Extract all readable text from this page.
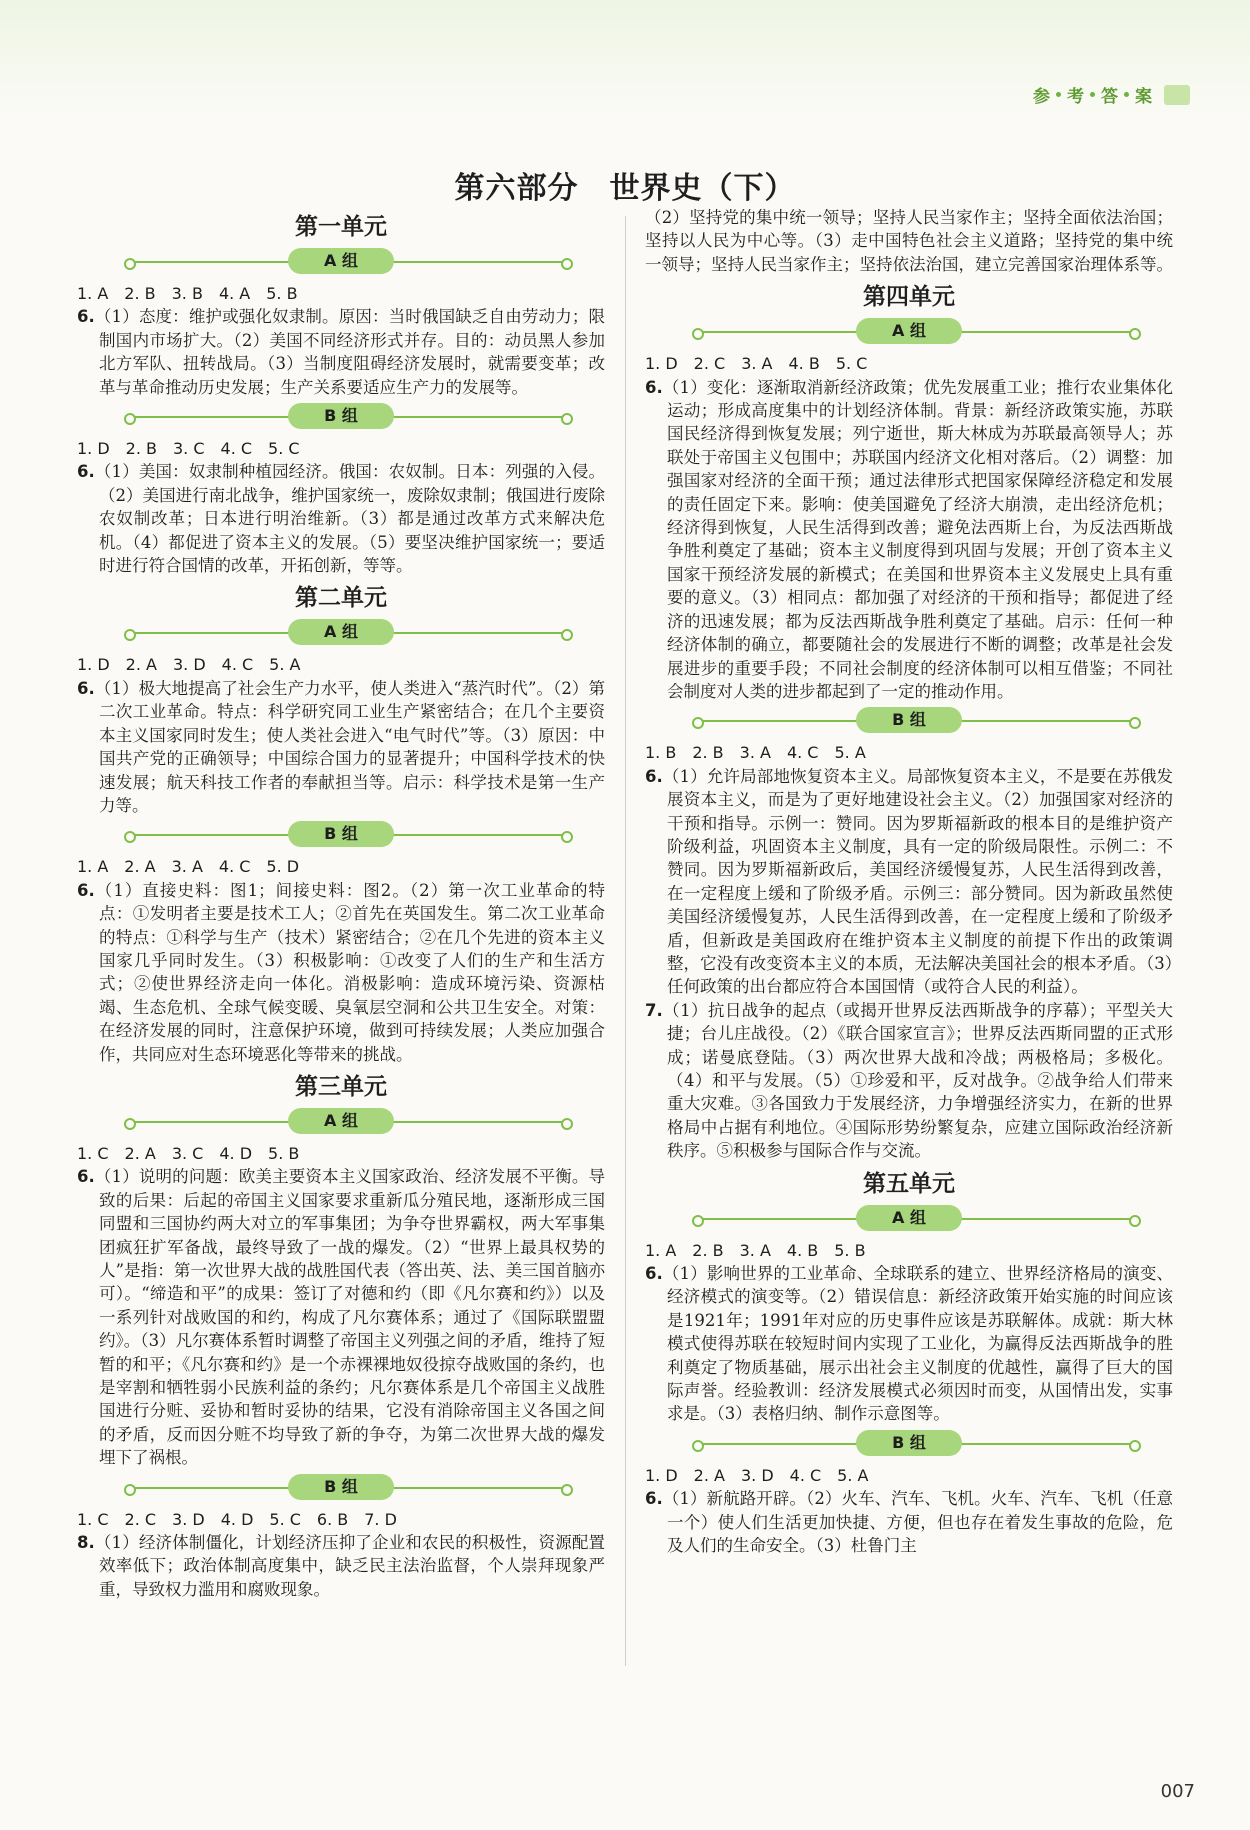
参 考 答 案
第六部分　世界史（下）
第一单元
A 组

1. A　2. B　3. B　4. A　5. B

6.（1）态度：维护或强化奴隶制。原因：当时俄国缺乏自由劳动力；限制国内市场扩大。（2）美国不同经济形式并存。目的：动员黑人参加北方军队、扭转战局。（3）当制度阻碍经济发展时，就需要变革；改革与革命推动历史发展；生产关系要适应生产力的发展等。

B 组

1. D　2. B　3. C　4. C　5. C

6.（1）美国：奴隶制种植园经济。俄国：农奴制。日本：列强的入侵。（2）美国进行南北战争，维护国家统一，废除奴隶制；俄国进行废除农奴制改革；日本进行明治维新。（3）都是通过改革方式来解决危机。（4）都促进了资本主义的发展。（5）要坚决维护国家统一；要适时进行符合国情的改革，开拓创新，等等。

第二单元
A 组

1. D　2. A　3. D　4. C　5. A

6.（1）极大地提高了社会生产力水平，使人类进入“蒸汽时代”。（2）第二次工业革命。特点：科学研究同工业生产紧密结合；在几个主要资本主义国家同时发生；使人类社会进入“电气时代”等。（3）原因：中国共产党的正确领导；中国综合国力的显著提升；中国科学技术的快速发展；航天科技工作者的奉献担当等。启示：科学技术是第一生产力等。

B 组

1. A　2. A　3. A　4. C　5. D

6.（1）直接史料：图1；间接史料：图2。（2）第一次工业革命的特点：①发明者主要是技术工人；②首先在英国发生。第二次工业革命的特点：①科学与生产（技术）紧密结合；②在几个先进的资本主义国家几乎同时发生。（3）积极影响：①改变了人们的生产和生活方式；②使世界经济走向一体化。消极影响：造成环境污染、资源枯竭、生态危机、全球气候变暖、臭氧层空洞和公共卫生安全。对策：在经济发展的同时，注意保护环境，做到可持续发展；人类应加强合作，共同应对生态环境恶化等带来的挑战。

第三单元
A 组

1. C　2. A　3. C　4. D　5. B

6.（1）说明的问题：欧美主要资本主义国家政治、经济发展不平衡。导致的后果：后起的帝国主义国家要求重新瓜分殖民地，逐渐形成三国同盟和三国协约两大对立的军事集团；为争夺世界霸权，两大军事集团疯狂扩军备战，最终导致了一战的爆发。（2）“世界上最具权势的人”是指：第一次世界大战的战胜国代表（答出英、法、美三国首脑亦可）。“缔造和平”的成果：签订了对德和约（即《凡尔赛和约》）以及一系列针对战败国的和约，构成了凡尔赛体系；通过了《国际联盟盟约》。（3）凡尔赛体系暂时调整了帝国主义列强之间的矛盾，维持了短暂的和平；《凡尔赛和约》是一个赤裸裸地奴役掠夺战败国的条约，也是宰割和牺牲弱小民族利益的条约；凡尔赛体系是几个帝国主义战胜国进行分赃、妥协和暂时妥协的结果，它没有消除帝国主义各国之间的矛盾，反而因分赃不均导致了新的争夺，为第二次世界大战的爆发埋下了祸根。

B 组

1. C　2. C　3. D　4. D　5. C　6. B　7. D

8.（1）经济体制僵化，计划经济压抑了企业和农民的积极性，资源配置效率低下；政治体制高度集中，缺乏民主法治监督，个人崇拜现象严重，导致权力滥用和腐败现象。

（2）坚持党的集中统一领导；坚持人民当家作主；坚持全面依法治国；坚持以人民为中心等。（3）走中国特色社会主义道路；坚持党的集中统一领导；坚持人民当家作主；坚持依法治国，建立完善国家治理体系等。

第四单元
A 组

1. D　2. C　3. A　4. B　5. C

6.（1）变化：逐渐取消新经济政策；优先发展重工业；推行农业集体化运动；形成高度集中的计划经济体制。背景：新经济政策实施，苏联国民经济得到恢复发展；列宁逝世，斯大林成为苏联最高领导人；苏联处于帝国主义包围中；苏联国内经济文化相对落后。（2）调整：加强国家对经济的全面干预；通过法律形式把国家保障经济稳定和发展的责任固定下来。影响：使美国避免了经济大崩溃，走出经济危机；经济得到恢复，人民生活得到改善；避免法西斯上台，为反法西斯战争胜利奠定了基础；资本主义制度得到巩固与发展；开创了资本主义国家干预经济发展的新模式；在美国和世界资本主义发展史上具有重要的意义。（3）相同点：都加强了对经济的干预和指导；都促进了经济的迅速发展；都为反法西斯战争胜利奠定了基础。启示：任何一种经济体制的确立，都要随社会的发展进行不断的调整；改革是社会发展进步的重要手段；不同社会制度的经济体制可以相互借鉴；不同社会制度对人类的进步都起到了一定的推动作用。

B 组

1. B　2. B　3. A　4. C　5. A

6.（1）允许局部地恢复资本主义。局部恢复资本主义，不是要在苏俄发展资本主义，而是为了更好地建设社会主义。（2）加强国家对经济的干预和指导。示例一：赞同。因为罗斯福新政的根本目的是维护资产阶级利益，巩固资本主义制度，具有一定的阶级局限性。示例二：不赞同。因为罗斯福新政后，美国经济缓慢复苏，人民生活得到改善，在一定程度上缓和了阶级矛盾。示例三：部分赞同。因为新政虽然使美国经济缓慢复苏，人民生活得到改善，在一定程度上缓和了阶级矛盾，但新政是美国政府在维护资本主义制度的前提下作出的政策调整，它没有改变资本主义的本质，无法解决美国社会的根本矛盾。（3）任何政策的出台都应符合本国国情（或符合人民的利益）。

7.（1）抗日战争的起点（或揭开世界反法西斯战争的序幕）；平型关大捷；台儿庄战役。（2）《联合国家宣言》；世界反法西斯同盟的正式形成；诺曼底登陆。（3）两次世界大战和冷战；两极格局；多极化。（4）和平与发展。（5）①珍爱和平，反对战争。②战争给人们带来重大灾难。③各国致力于发展经济，力争增强经济实力，在新的世界格局中占据有利地位。④国际形势纷繁复杂，应建立国际政治经济新秩序。⑤积极参与国际合作与交流。

第五单元
A 组

1. A　2. B　3. A　4. B　5. B

6.（1）影响世界的工业革命、全球联系的建立、世界经济格局的演变、经济模式的演变等。（2）错误信息：新经济政策开始实施的时间应该是1921年；1991年对应的历史事件应该是苏联解体。成就：斯大林模式使得苏联在较短时间内实现了工业化，为赢得反法西斯战争的胜利奠定了物质基础，展示出社会主义制度的优越性，赢得了巨大的国际声誉。经验教训：经济发展模式必须因时而变，从国情出发，实事求是。（3）表格归纳、制作示意图等。

B 组

1. D　2. A　3. D　4. C　5. A

6.（1）新航路开辟。（2）火车、汽车、飞机。火车、汽车、飞机（任意一个）使人们生活更加快捷、方便，但也存在着发生事故的危险，危及人们的生命安全。（3）杜鲁门主

007
